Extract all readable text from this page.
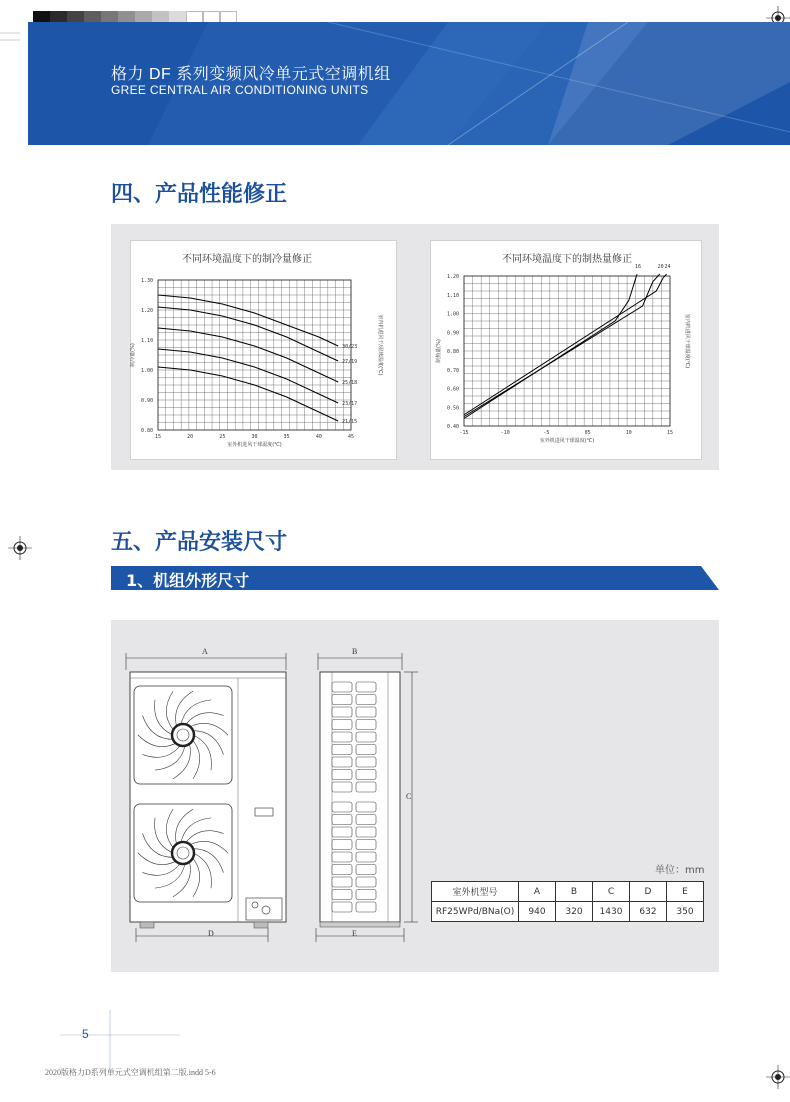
格力 DF 系列变频风冷单元式空调机组
GREE CENTRAL AIR CONDITIONING UNITS
四、产品性能修正
不同环境温度下的制冷量修正
15	20	25	30	35	40	45
1.30
1.20
1.10
1.00
0.90
0.80
室外机进风干球温度(℃)
制冷量(%)	室内机进风干/湿球温度(℃)
30/23
27/19
25/18
23/17
21/15
不同环境温度下的制热量修正
-15	-10	-5	05	10	15
1.20
1.10
1.00
0.90
0.80
0.70
0.60
0.50
0.40
室外机进风干球温度(℃)
制热量(%)	室内机进风干球温度(℃)
16	20 24
五、产品安装尺寸
1、机组外形尺寸
A
D
B
C
E
单位：mm
室外机型号	A	B	C	D	E
RF25WPd/BNa(O)	940	320	1430	632	350
5
2020版格力D系列单元式空调机组第二版.indd 5-6
